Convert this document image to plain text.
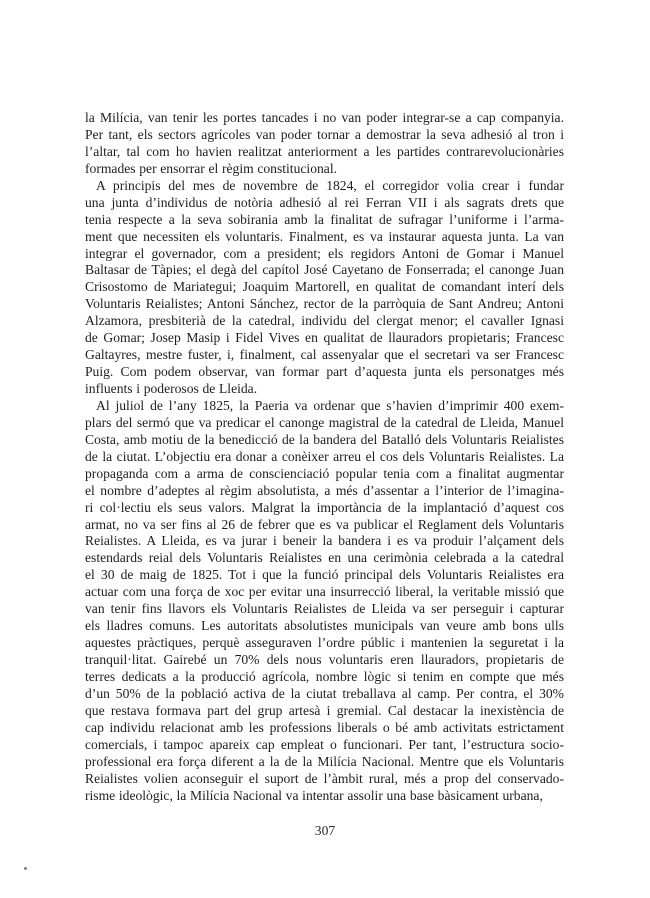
la Milícia, van tenir les portes tancades i no van poder integrar-se a cap companyia.
Per tant, els sectors agrícoles van poder tornar a demostrar la seva adhesió al tron i
l’altar, tal com ho havien realitzat anteriorment a les partides contrarevolucionàries
formades per ensorrar el règim constitucional.
A principis del mes de novembre de 1824, el corregidor volia crear i fundar
una junta d’individus de notòria adhesió al rei Ferran VII i als sagrats drets que
tenia respecte a la seva sobirania amb la finalitat de sufragar l’uniforme i l’arma-
ment que necessiten els voluntaris. Finalment, es va instaurar aquesta junta. La van
integrar el governador, com a president; els regidors Antoni de Gomar i Manuel
Baltasar de Tàpies; el degà del capítol José Cayetano de Fonserrada; el canonge Juan
Crisostomo de Mariategui; Joaquim Martorell, en qualitat de comandant interí dels
Voluntaris Reialistes; Antoni Sánchez, rector de la parròquia de Sant Andreu; Antoni
Alzamora, presbiterià de la catedral, individu del clergat menor; el cavaller Ignasi
de Gomar; Josep Masip i Fidel Vives en qualitat de llauradors propietaris; Francesc
Galtayres, mestre fuster, i, finalment, cal assenyalar que el secretari va ser Francesc
Puig. Com podem observar, van formar part d’aquesta junta els personatges més
influents i poderosos de Lleida.
Al juliol de l’any 1825, la Paeria va ordenar que s’havien d’imprimir 400 exem-
plars del sermó que va predicar el canonge magistral de la catedral de Lleida, Manuel
Costa, amb motiu de la benedicció de la bandera del Batalló dels Voluntaris Reialistes
de la ciutat. L’objectiu era donar a conèixer arreu el cos dels Voluntaris Reialistes. La
propaganda com a arma de conscienciació popular tenia com a finalitat augmentar
el nombre d’adeptes al règim absolutista, a més d’assentar a l’interior de l’imagina-
ri col·lectiu els seus valors. Malgrat la importància de la implantació d’aquest cos
armat, no va ser fins al 26 de febrer que es va publicar el Reglament dels Voluntaris
Reialistes. A Lleida, es va jurar i beneir la bandera i es va produir l’alçament dels
estendards reial dels Voluntaris Reialistes en una cerimònia celebrada a la catedral
el 30 de maig de 1825. Tot i que la funció principal dels Voluntaris Reialistes era
actuar com una força de xoc per evitar una insurrecció liberal, la veritable missió que
van tenir fins llavors els Voluntaris Reialistes de Lleida va ser perseguir i capturar
els lladres comuns. Les autoritats absolutistes municipals van veure amb bons ulls
aquestes pràctiques, perquè asseguraven l’ordre públic i mantenien la seguretat i la
tranquil·litat. Gairebé un 70% dels nous voluntaris eren llauradors, propietaris de
terres dedicats a la producció agrícola, nombre lògic si tenim en compte que més
d’un 50% de la població activa de la ciutat treballava al camp. Per contra, el 30%
que restava formava part del grup artesà i gremial. Cal destacar la inexistència de
cap individu relacionat amb les professions liberals o bé amb activitats estrictament
comercials, i tampoc apareix cap empleat o funcionari. Per tant, l’estructura socio-
professional era força diferent a la de la Milícia Nacional. Mentre que els Voluntaris
Reialistes volien aconseguir el suport de l’àmbit rural, més a prop del conservado-
risme ideològic, la Milícia Nacional va intentar assolir una base bàsicament urbana,
307
